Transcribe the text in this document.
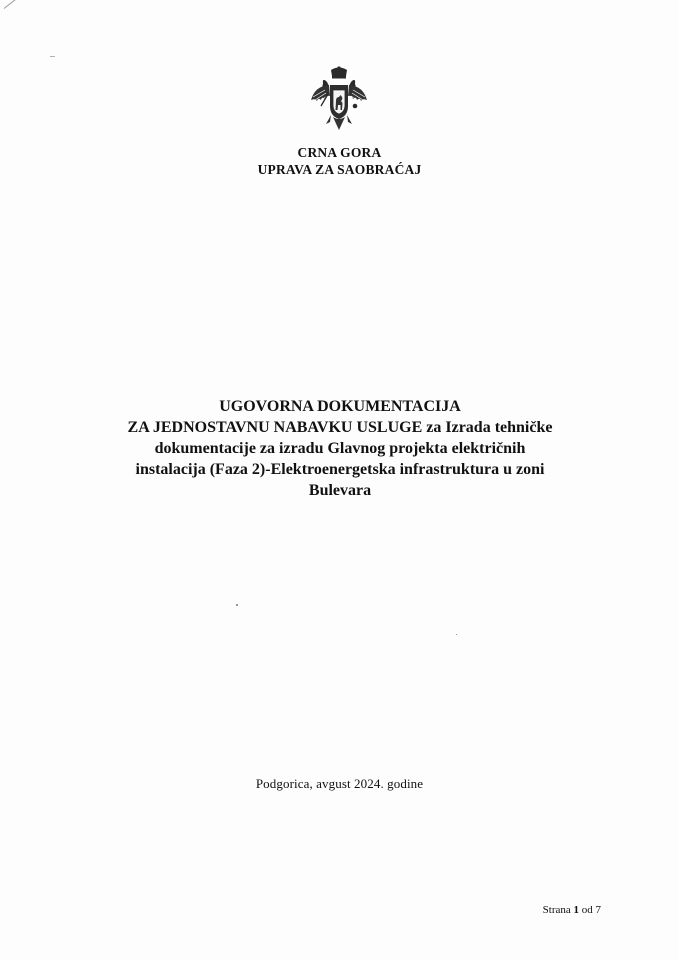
CRNA GORA
UPRAVA ZA SAOBRAĆAJ
UGOVORNA DOKUMENTACIJA
ZA JEDNOSTAVNU NABAVKU USLUGE za Izrada tehničke
dokumentacije za izradu Glavnog projekta električnih
instalacija (Faza 2)-Elektroenergetska infrastruktura u zoni
Bulevara
Podgorica, avgust 2024. godine
Strana 1 od 7
